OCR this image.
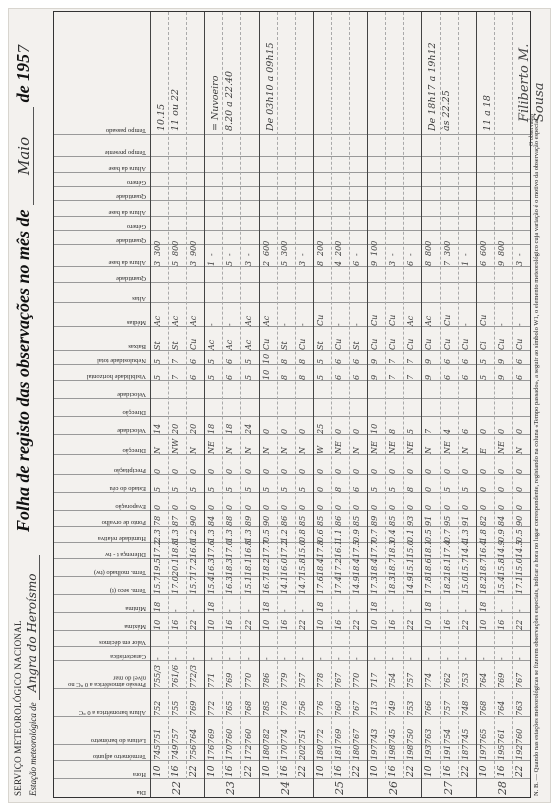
SERVIÇO METEOROLÓGICO NACIONAL Estação meteorológica de Angra do Heroísmo
Folha de registo das observações no mês de Maio de 1957
Dia
Hora
Termómetro adjunto
Leitura do barómetro
Altura barométrica a 0 °C
Pressão atmosférica a 0 °C no nível do mar
Característica
Valor em décimos
Máxima
Mínima
Term. seco (t)
Term. molhado (tw)
Diferença t - tw
Humidade relativa
Ponto de orvalho
Evaporação
Estado do céu
Precipitação
Direcção
Velocidade
Direcção
Velocidade
Visibilidade horizontal
Nebulosidade total
Baixas
Médias
Altas
Quantidade
Altura da base
Quantidade
Género
Altura da base
Quantidade
Género
Altura da base
Tempo presente
Tempo passado
22
10
745
751
752
755/3
-
10
18
15.7
19.5
17.2
2.3
78
0
5
0
N
14
5
5
St
Ac
3
300
16
749
757
755
761/6
-
16
-
17.0
20.1
18.8
1.3
87
0
5
0
NW
20
7
7
St
Ac
5
800
22
756
764
769
772/3
-
22
-
15.7
17.2
16.0
1.2
90
0
5
0
N
20
6
6
Cu
Ac
3
900
10.15 11 ou 22
23
10
176
769
772
771
-
10
18
15.4
16.3
17.6
1.3
84
0
5
0
NE
18
5
5
Ac
-
1
-
16
170
760
765
769
-
16
-
16.3
18.3
17.0
1.3
88
0
5
0
N
18
6
6
Ac
-
5
-
22
172
760
768
770
-
22
-
15.1
18.1
16.8
1.3
89
0
5
0
N
24
5
5
Ac
Ac
3
-
= Nuvoeiro 8.20 a 22.40
24
10
180
782
785
786
-
10
18
16.7
18.2
17.7
0.5
90
0
5
0
N
0
10
10
Cu
Ac
2
600
16
170
774
776
779
-
16
-
14.1
16.0
17.2
1.2
86
0
5
0
N
0
8
8
St
-
5
300
22
202
751
756
757
-
22
-
14.7
15.8
15.0
0.8
85
0
5
0
N
0
8
8
Cu
-
3
-
De 03h10 a 09h15
25
10
180
772
776
778
-
10
18
17.6
18.4
17.8
0.6
85
0
0
0
W
25
5
5
St
Cu
8
200
16
181
769
760
767
-
16
-
17.4
17.2
16.1
1.1
86
0
8
0
NE
0
6
6
Cu
-
4
200
22
180
767
767
770
-
22
-
14.9
18.4
17.5
0.9
85
0
6
0
N
0
6
6
St
-
6
-
26
10
197
743
713
717
-
10
18
17.3
18.4
17.7
0.7
89
0
5
0
NE
10
9
9
Cu
Cu
9
100
16
198
745
749
754
-
16
-
18.3
18.7
18.3
0.4
85
0
5
0
NE
8
7
7
Cu
Cu
3
-
22
198
750
753
757
-
22
-
14.9
15.1
15.0
0.1
93
0
8
0
NE
5
7
7
Cu
Ac
6
-
27
10
193
763
766
774
-
10
18
17.8
18.6
18.1
0.5
91
0
0
0
N
7
9
9
Cu
Ac
8
800
16
191
754
757
762
-
16
-
18.2
18.1
17.4
0.7
95
0
5
0
NE
4
6
6
Cu
Cu
7
300
22
187
745
748
753
-
22
-
15.0
15.7
14.4
1.3
91
0
5
0
N
6
6
6
Cu
-
1
-
De 18h17 a 19h12 às 22.25
28
10
197
765
768
764
-
10
18
18.2
18.7
16.4
1.8
82
0
0
0
E
0
5
5
Ci
Cu
6
600
16
195
761
764
769
-
16
-
15.4
15.8
14.9
0.9
84
0
0
0
NE
0
9
9
Cu
-
9
800
22
192
760
763
767
-
22
-
17.1
15.0
14.5
0.5
90
0
0
0
N
0
6
6
Cu
-
3
-
11 a 18
N. B. — Quando nas estações meteorológicas se fizerem observações especiais, indicar a hora no lugar correspondente, registando na coluna «Tempo passado», a seguir ao símbolo W1, o elemento meteorológico cuja variação é o motivo da observação especial.
Filiberto M. Sousa
O observador
